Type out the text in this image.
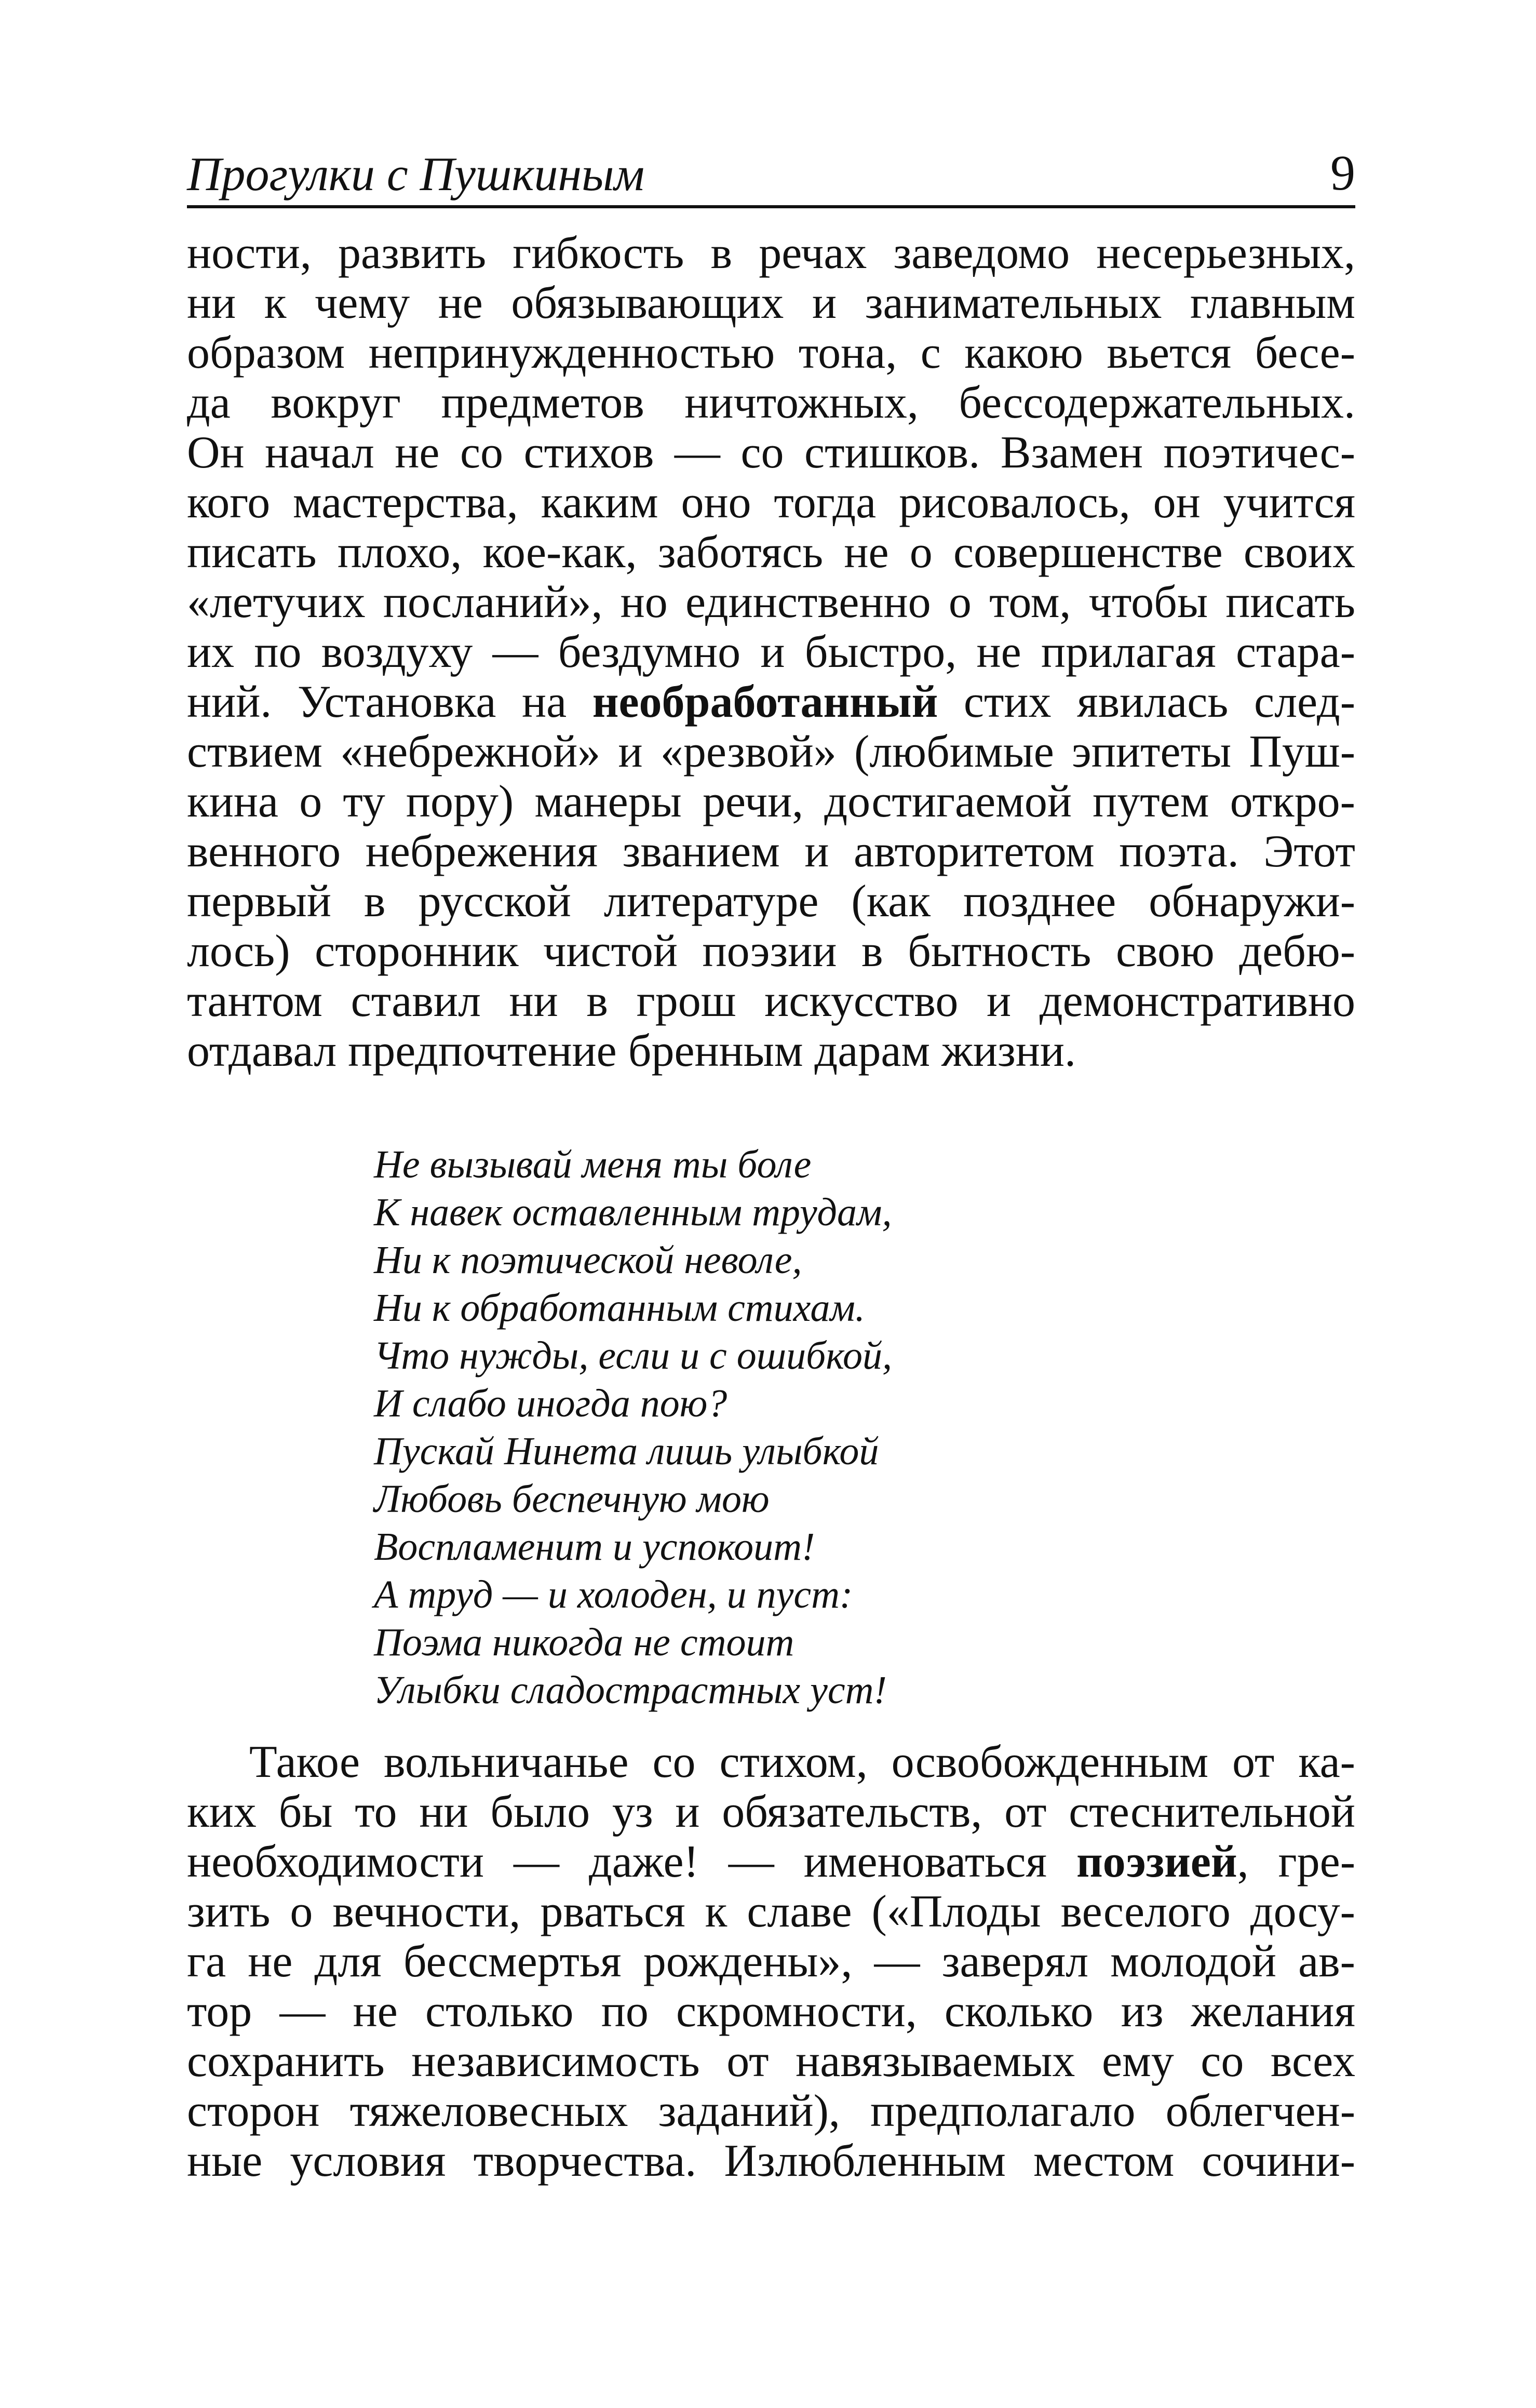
Прогулки с Пушкиным	9
ности, развить гибкость в речах заведомо несерьезных,
ни к чему не обязывающих и занимательных главным
образом непринужденностью тона, с какою вьется бесе-
да вокруг предметов ничтожных, бессодержательных.
Он начал не со стихов — со стишков. Взамен поэтичес-
кого мастерства, каким оно тогда рисовалось, он учится
писать плохо, кое-как, заботясь не о совершенстве своих
«летучих посланий», но единственно о том, чтобы писать
их по воздуху — бездумно и быстро, не прилагая стара-
ний. Установка на необработанный стих явилась след-
ствием «небрежной» и «резвой» (любимые эпитеты Пуш-
кина о ту пору) манеры речи, достигаемой путем откро-
венного небрежения званием и авторитетом поэта. Этот
первый в русской литературе (как позднее обнаружи-
лось) сторонник чистой поэзии в бытность свою дебю-
тантом ставил ни в грош искусство и демонстративно
отдавал предпочтение бренным дарам жизни.
Не вызывай меня ты боле
К навек оставленным трудам,
Ни к поэтической неволе,
Ни к обработанным стихам.
Что нужды, если и с ошибкой,
И слабо иногда пою?
Пускай Нинета лишь улыбкой
Любовь беспечную мою
Воспламенит и успокоит!
А труд — и холоден, и пуст:
Поэма никогда не стоит
Улыбки сладострастных уст!
Такое вольничанье со стихом, освобожденным от ка-
ких бы то ни было уз и обязательств, от стеснительной
необходимости — даже! — именоваться поэзией, гре-
зить о вечности, рваться к славе («Плоды веселого досу-
га не для бессмертья рождены», — заверял молодой ав-
тор — не столько по скромности, сколько из желания
сохранить независимость от навязываемых ему со всех
сторон тяжеловесных заданий), предполагало облегчен-
ные условия творчества. Излюбленным местом сочини-
